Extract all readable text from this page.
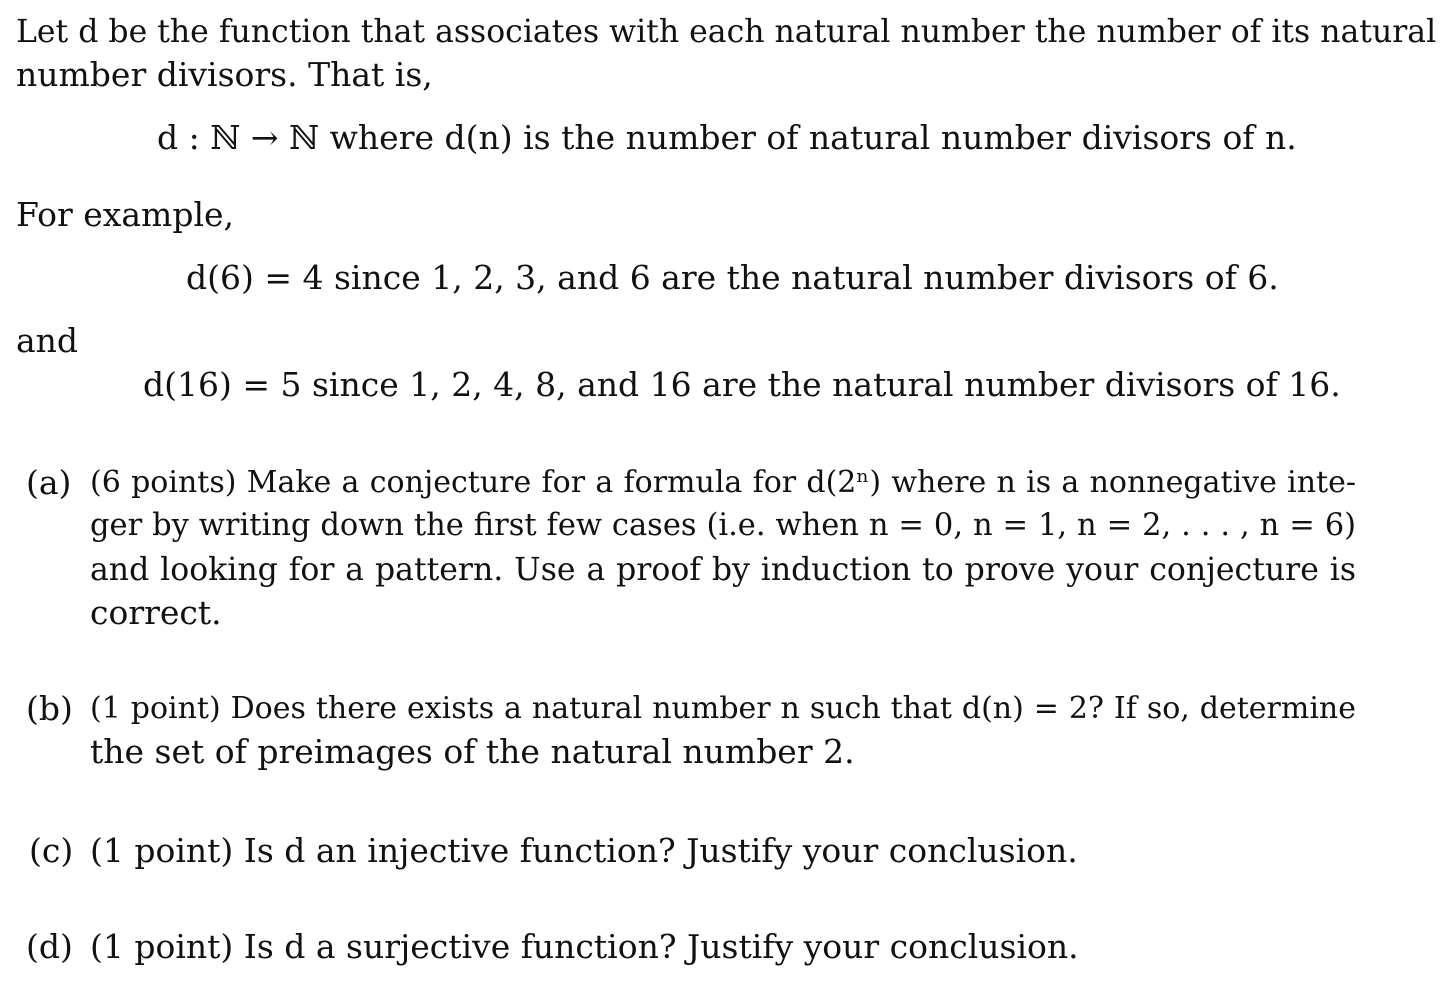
Let d be the function that associates with each natural number the number of its natural
number divisors. That is,
d : ℕ → ℕ where d(n) is the number of natural number divisors of n.
For example,
d(6) = 4 since 1, 2, 3, and 6 are the natural number divisors of 6.
and
d(16) = 5 since 1, 2, 4, 8, and 16 are the natural number divisors of 16.
(a) (6 points) Make a conjecture for a formula for d(2ⁿ) where n is a nonnegative inte-
ger by writing down the first few cases (i.e. when n = 0, n = 1, n = 2, . . . , n = 6)
and looking for a pattern. Use a proof by induction to prove your conjecture is
correct.
(b) (1 point) Does there exists a natural number n such that d(n) = 2? If so, determine
the set of preimages of the natural number 2.
(c) (1 point) Is d an injective function? Justify your conclusion.
(d) (1 point) Is d a surjective function? Justify your conclusion.
